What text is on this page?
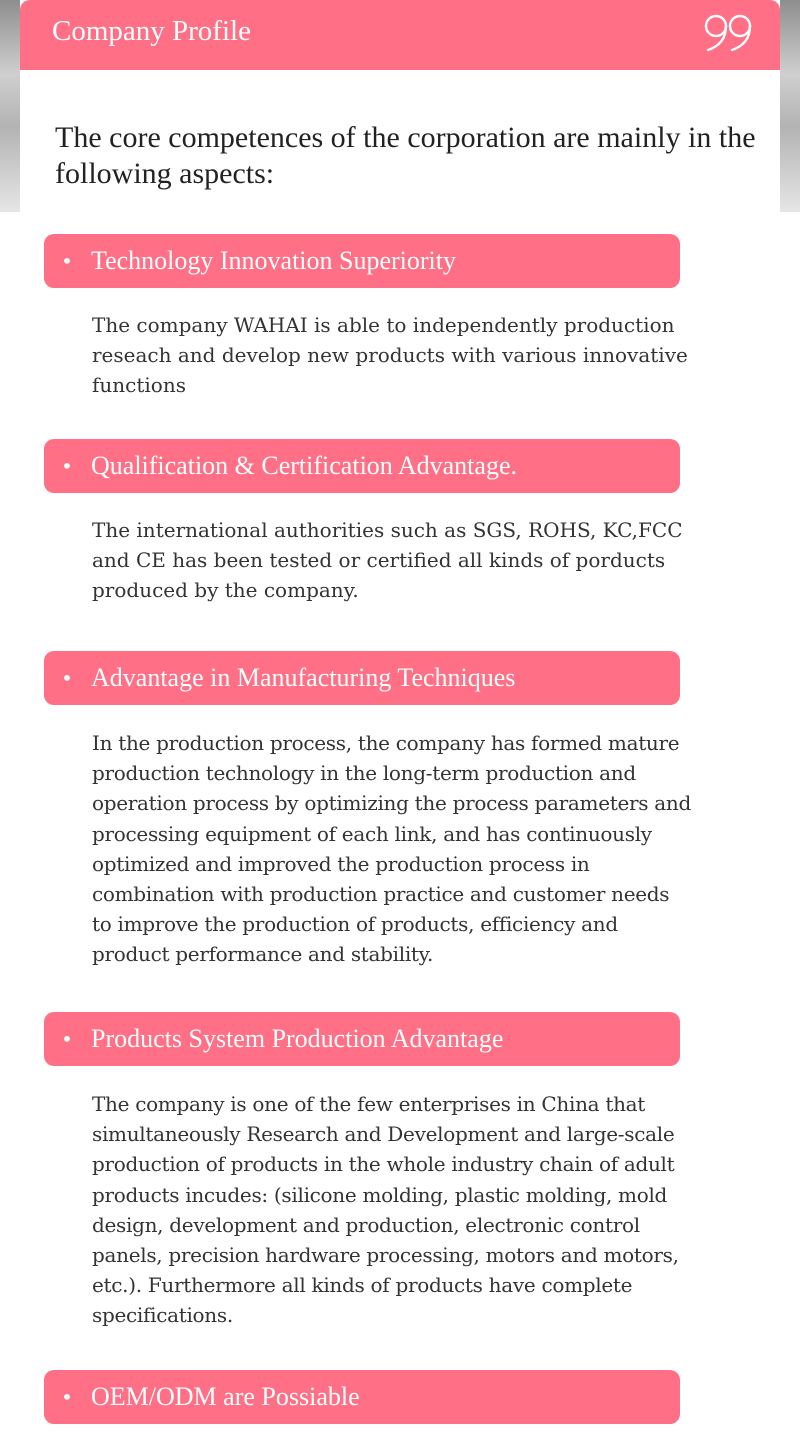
Company Profile
The core competences of the corporation are mainly in the following aspects:
• Technology Innovation Superiority

The company WAHAI is able to independently production reseach and develop new products with various innovative functions

• Qualification & Certification Advantage.

The international authorities such as SGS, ROHS, KC,FCC and CE has been tested or certified all kinds of porducts produced by the company.

• Advantage in Manufacturing Techniques

In the production process, the company has formed mature production technology in the long-term production and operation process by optimizing the process parameters and processing equipment of each link, and has continuously optimized and improved the production process in combination with production practice and customer needs to improve the production of products, efficiency and product performance and stability.

• Products System Production Advantage

The company is one of the few enterprises in China that simultaneously Research and Development and large-scale production of products in the whole industry chain of adult products incudes: (silicone molding, plastic molding, mold design, development and production, electronic control panels, precision hardware processing, motors and motors, etc.). Furthermore all kinds of products have complete specifications.

• OEM/ODM are Possiable
